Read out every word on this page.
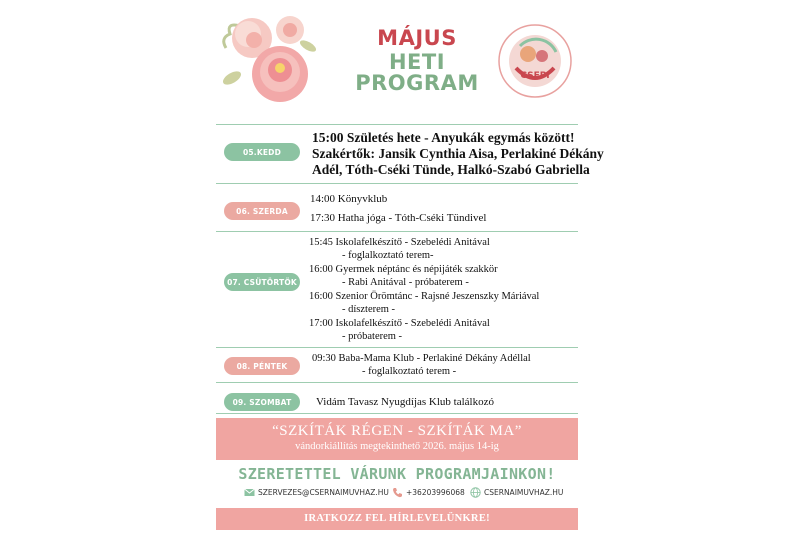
MÁJUS
HETI PROGRAM	CSEPI
05.KEDD
15:00 Születés hete - Anyukák egymás között!
Szakértők: Jansik Cynthia Aisa, Perlakiné Dékány
Adél, Tóth-Cséki Tünde, Halkó-Szabó Gabriella
06. SZERDA
14:00 Könyvklub
17:30 Hatha jóga - Tóth-Cséki Tündivel
07. CSÜTÖRTÖK
15:45 Iskolafelkészítő - Szebelédi Anitával
- foglalkoztató terem-
16:00 Gyermek néptánc és népijáték szakkör
- Rabi Anitával - próbaterem -
16:00 Szenior Örömtánc - Rajsné Jeszenszky Máriával
- díszterem -
17:00 Iskolafelkészítő - Szebelédi Anitával
- próbaterem -
08. PÉNTEK
09:30 Baba-Mama Klub - Perlakiné Dékány Adéllal
- foglalkoztató terem -
09. SZOMBAT	Vidám Tavasz Nyugdíjas Klub találkozó
“SZKÍTÁK RÉGEN - SZKÍTÁK MA”
vándorkiállítás megtekinthető 2026. május 14-ig
SZERETETTEL VÁRUNK PROGRAMJAINKON!
SZERVEZES@CSERNAIMUVHAZ.HU +36203996068	CSERNAIMUVHAZ.HU
IRATKOZZ FEL HÍRLEVELÜNKRE! REGISZTRÁCIÓ@CSERNAIMUVHAZ.HU
